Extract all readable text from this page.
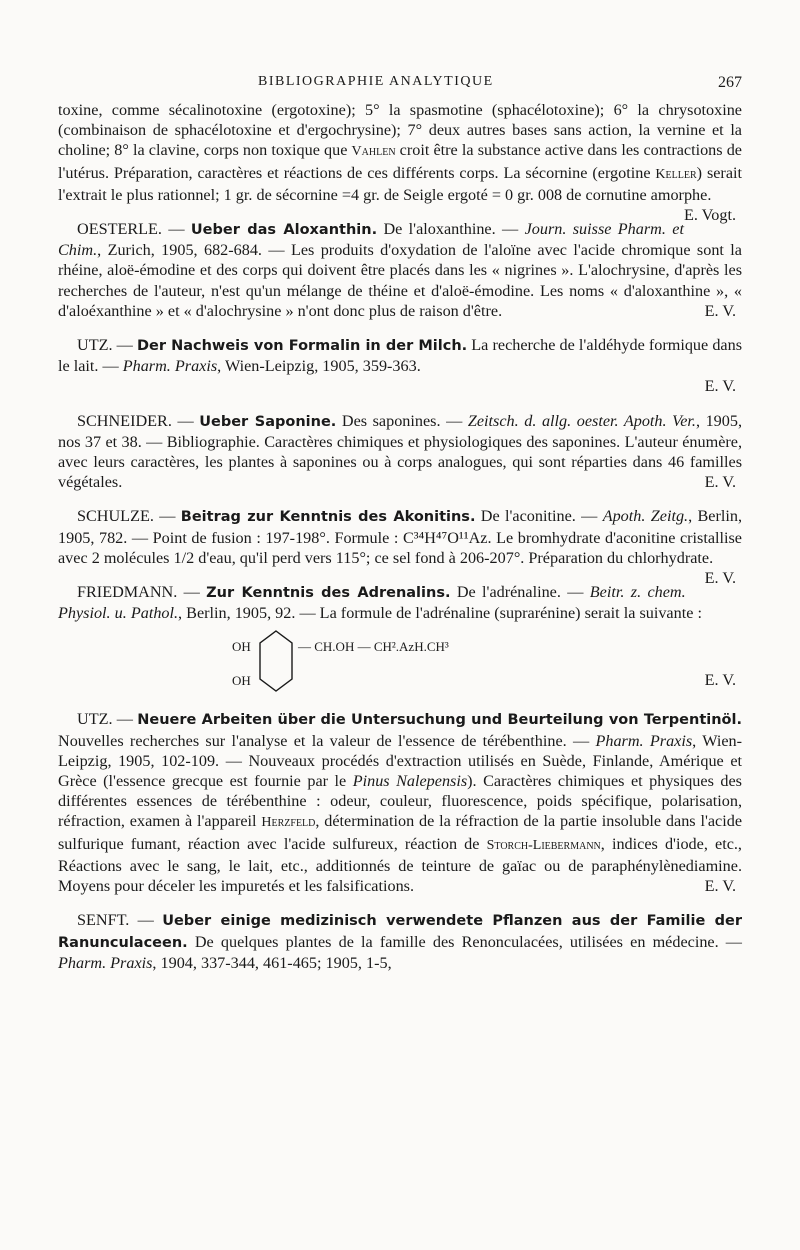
BIBLIOGRAPHIE ANALYTIQUE	267

toxine, comme sécalinotoxine (ergotoxine); 5° la spasmotine (sphacélotoxine); 6° la chrysotoxine (combinaison de sphacélotoxine et d'ergochrysine); 7° deux autres bases sans action, la vernine et la choline; 8° la clavine, corps non toxique que Vahlen croit être la substance active dans les contractions de l'utérus. Préparation, caractères et réactions de ces différents corps. La sécornine (ergotine Keller) serait l'extrait le plus rationnel; 1 gr. de sécornine =4 gr. de Seigle ergoté = 0 gr. 008 de cornutine amorphe.
E. Vogt.

OESTERLE. — Ueber das Aloxanthin. De l'aloxanthine. — Journ. suisse Pharm. et Chim., Zurich, 1905, 682-684. — Les produits d'oxydation de l'aloïne avec l'acide chromique sont la rhéine, aloë-émodine et des corps qui doivent être placés dans les « nigrines ». L'alochrysine, d'après les recherches de l'auteur, n'est qu'un mélange de théine et d'aloë-émodine. Les noms « d'aloxanthine », « d'aloéxanthine » et « d'alochrysine » n'ont donc plus de raison d'être.	E. V.

UTZ. — Der Nachweis von Formalin in der Milch. La recherche de l'aldéhyde formique dans le lait. — Pharm. Praxis, Wien-Leipzig, 1905, 359-363.
E. V.

SCHNEIDER. — Ueber Saponine. Des saponines. — Zeitsch. d. allg. oester. Apoth. Ver., 1905, nos 37 et 38. — Bibliographie. Caractères chimiques et physiologiques des saponines. L'auteur énumère, avec leurs caractères, les plantes à saponines ou à corps analogues, qui sont réparties dans 46 familles végétales.	E. V.

SCHULZE. — Beitrag zur Kenntnis des Akonitins. De l'aconitine. — Apoth. Zeitg., Berlin, 1905, 782. — Point de fusion : 197-198°. Formule : C³⁴H⁴⁷O¹¹Az. Le bromhydrate d'aconitine cristallise avec 2 molécules 1/2 d'eau, qu'il perd vers 115°; ce sel fond à 206-207°. Préparation du chlorhydrate.
E. V.

FRIEDMANN. — Zur Kenntnis des Adrenalins. De l'adrénaline. — Beitr. z. chem. Physiol. u. Pathol., Berlin, 1905, 92. — La formule de l'adrénaline (suprarénine) serait la suivante :

OH
OH
— CH.OH — CH².AzH.CH³
E. V.

UTZ. — Neuere Arbeiten über die Untersuchung und Beurteilung von Terpentinöl. Nouvelles recherches sur l'analyse et la valeur de l'essence de térébenthine. — Pharm. Praxis, Wien-Leipzig, 1905, 102-109. — Nouveaux procédés d'extraction utilisés en Suède, Finlande, Amérique et Grèce (l'essence grecque est fournie par le Pinus Nalepensis). Caractères chimiques et physiques des différentes essences de térébenthine : odeur, couleur, fluorescence, poids spécifique, polarisation, réfraction, examen à l'appareil Herzfeld, détermination de la réfraction de la partie insoluble dans l'acide sulfurique fumant, réaction avec l'acide sulfureux, réaction de Storch-Liebermann, indices d'iode, etc., Réactions avec le sang, le lait, etc., additionnés de teinture de gaïac ou de paraphénylènediamine. Moyens pour déceler les impuretés et les falsifications.	E. V.

SENFT. — Ueber einige medizinisch verwendete Pflanzen aus der Familie der Ranunculaceen. De quelques plantes de la famille des Renonculacées, utilisées en médecine. — Pharm. Praxis, 1904, 337-344, 461-465; 1905, 1-5,
